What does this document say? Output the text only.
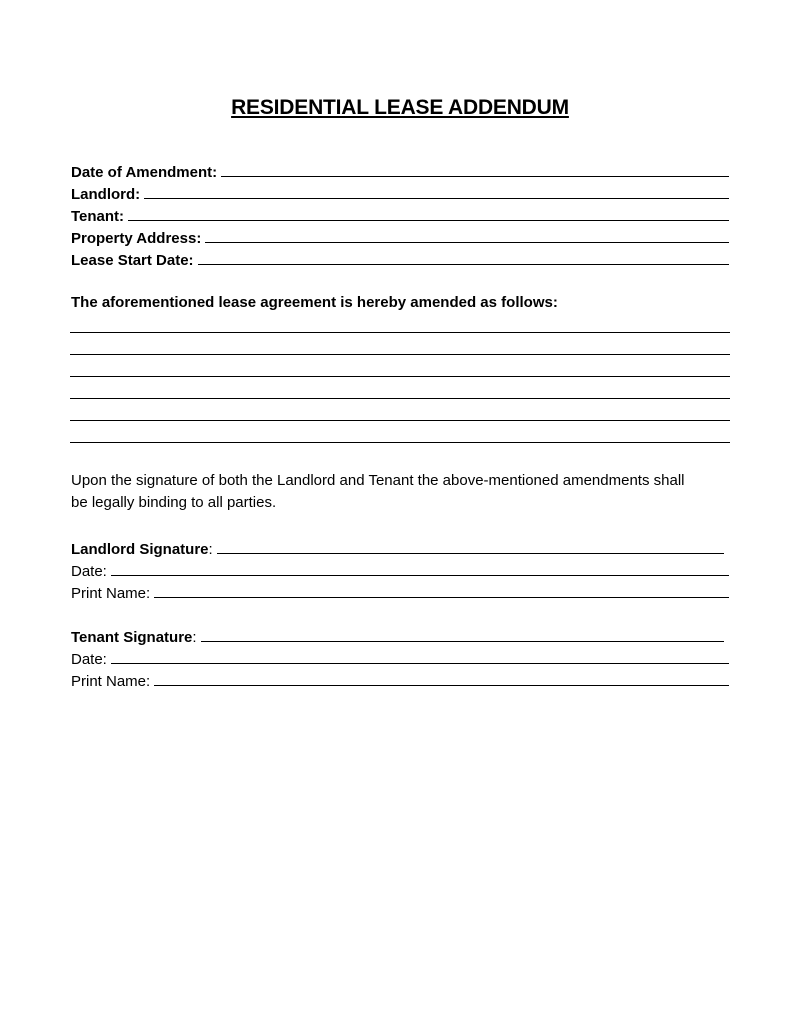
RESIDENTIAL LEASE ADDENDUM
Date of Amendment:
Landlord:
Tenant:
Property Address:
Lease Start Date:
The aforementioned lease agreement is hereby amended as follows:
Upon the signature of both the Landlord and Tenant the above-mentioned amendments shall be legally binding to all parties.
Landlord Signature :
Date:
Print Name:
Tenant Signature :
Date:
Print Name:
